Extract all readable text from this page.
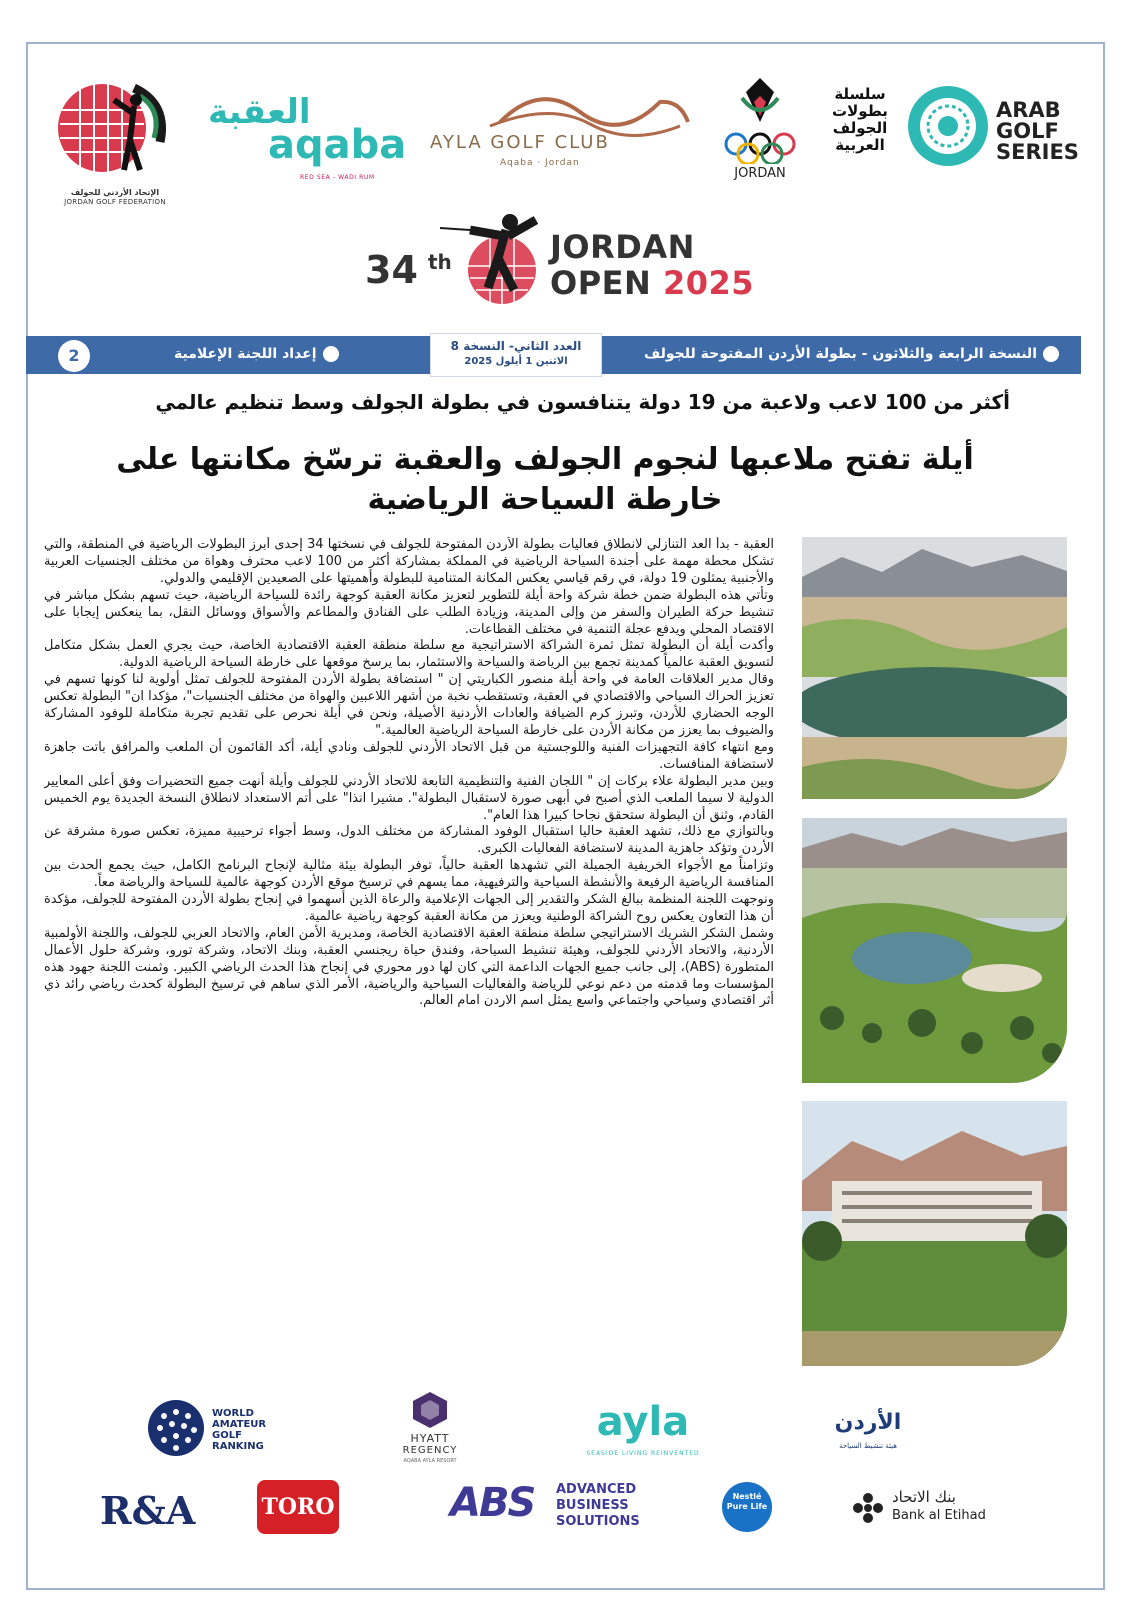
الإتحاد الأردني للجولف
JORDAN GOLF FEDERATION
العقبة
aqaba
RED SEA - WADI RUM
AYLA GOLF CLUB
Aqaba · Jordan
JORDAN
سلسلة بطولات الجولف العربية
ARAB GOLF SERIES
34 th	JORDAN
OPEN 2025
النسخة الرابعة والثلاثون - بطولة الأردن المفتوحة للجولف
إعداد اللجنة الإعلامية
2	العدد الثاني- النسخة 8
الاثنين 1 أيلول 2025
أكثر من 100 لاعب ولاعبة من 19 دولة يتنافسون في بطولة الجولف وسط تنظيم عالمي
أيلة تفتح ملاعبها لنجوم الجولف والعقبة ترسّخ مكانتها على خارطة السياحة الرياضية

العقبة - بدأ العد التنازلي لانطلاق فعاليات بطولة الأردن المفتوحة للجولف في نسختها 34 إحدى أبرز البطولات الرياضية في المنطقة، والتي تشكل محطة مهمة على أجندة السياحة الرياضية في المملكة بمشاركة أكثر من 100 لاعب محترف وهواة من مختلف الجنسيات العربية والأجنبية يمثلون 19 دولة، في رقم قياسي يعكس المكانة المتنامية للبطولة وأهميتها على الصعيدين الإقليمي والدولي.

وتأتي هذه البطولة ضمن خطة شركة واحة أيلة للتطوير لتعزيز مكانة العقبة كوجهة رائدة للسياحة الرياضية، حيث تسهم بشكل مباشر في تنشيط حركة الطيران والسفر من وإلى المدينة، وزيادة الطلب على الفنادق والمطاعم والأسواق ووسائل النقل، بما ينعكس إيجابا على الاقتصاد المحلي ويدفع عجلة التنمية في مختلف القطاعات.

وأكدت أيلة أن البطولة تمثل ثمرة الشراكة الاستراتيجية مع سلطة منطقة العقبة الاقتصادية الخاصة، حيث يجري العمل بشكل متكامل لتسويق العقبة عالمياً كمدينة تجمع بين الرياضة والسياحة والاستثمار، بما يرسخ موقعها على خارطة السياحة الرياضية الدولية.

وقال مدير العلاقات العامة في واحة أيلة منصور الكباريتي إن " استضافة بطولة الأردن المفتوحة للجولف تمثل أولوية لنا كونها تسهم في تعزيز الحراك السياحي والاقتصادي في العقبة، وتستقطب نخبة من أشهر اللاعبين والهواة من مختلف الجنسيات"، مؤكدا ان" البطولة تعكس الوجه الحضاري للأردن، وتبرز كرم الضيافة والعادات الأردنية الأصيلة، ونحن في أيلة نحرص على تقديم تجربة متكاملة للوفود المشاركة والضيوف بما يعزز من مكانة الأردن على خارطة السياحة الرياضية العالمية."

ومع انتهاء كافة التجهيزات الفنية واللوجستية من قبل الاتحاد الأردني للجولف ونادي أيلة، أكد القائمون أن الملعب والمرافق باتت جاهزة لاستضافة المنافسات.

وبين مدير البطولة علاء بركات إن " اللجان الفنية والتنظيمية التابعة للاتحاد الأردني للجولف وأيلة أنهت جميع التحضيرات وفق أعلى المعايير الدولية لا سيما الملعب الذي أصبح في أبهى صورة لاستقبال البطولة". مشيرا انذا" على أتم الاستعداد لانطلاق النسخة الجديدة يوم الخميس القادم، وثنق أن البطولة ستحقق نجاحا كبيرا هذا العام".

وبالتوازي مع ذلك، تشهد العقبة حاليا استقبال الوفود المشاركة من مختلف الدول، وسط أجواء ترحيبية مميزة، تعكس صورة مشرقة عن الأردن وتؤكد جاهزية المدينة لاستضافة الفعاليات الكبرى.

وتزامناً مع الأجواء الخريفية الجميلة التي تشهدها العقبة حالياً، توفر البطولة بيئة مثالية لإنجاح البرنامج الكامل، حيث يجمع الحدث بين المنافسة الرياضية الرفيعة والأنشطة السياحية والترفيهية، مما يسهم في ترسيخ موقع الأردن كوجهة عالمية للسياحة والرياضة معاً.

ونوجهت اللجنة المنظمة ببالغ الشكر والتقدير إلى الجهات الإعلامية والرعاة الذين أسهموا في إنجاح بطولة الأردن المفتوحة للجولف، مؤكدة أن هذا التعاون يعكس روح الشراكة الوطنية ويعزز من مكانة العقبة كوجهة رياضية عالمية.

وشمل الشكر الشريك الاستراتيجي سلطة منطقة العقبة الاقتصادية الخاصة، ومديرية الأمن العام، والاتحاد العربي للجولف، واللجنة الأولمبية الأردنية، والاتحاد الأردني للجولف، وهيئة تنشيط السياحة، وفندق حياة ريجنسي العقبة، وبنك الاتحاد، وشركة تورو، وشركة حلول الأعمال المتطورة (ABS)، إلى جانب جميع الجهات الداعمة التي كان لها دور محوري في إنجاح هذا الحدث الرياضي الكبير. وثمنت اللجنة جهود هذه المؤسسات وما قدمته من دعم نوعي للرياضة والفعاليات السياحية والرياضية، الأمر الذي ساهم في ترسيخ البطولة كحدث رياضي رائد ذي أثر اقتصادي وسياحي واجتماعي واسع يمثل اسم الاردن امام العالم.

WORLD
AMATEUR
GOLF
RANKING
HYATT
REGENCY
AQABA AYLA RESORT
ayla
SEASIDE LIVING REINVENTED
الأردن
هيئة تنشيط السياحة
R&A	TORO	ABS ADVANCED
BUSINESS
SOLUTIONS
Nestlé Pure Life
بنك الاتحاد
Bank al Etihad
